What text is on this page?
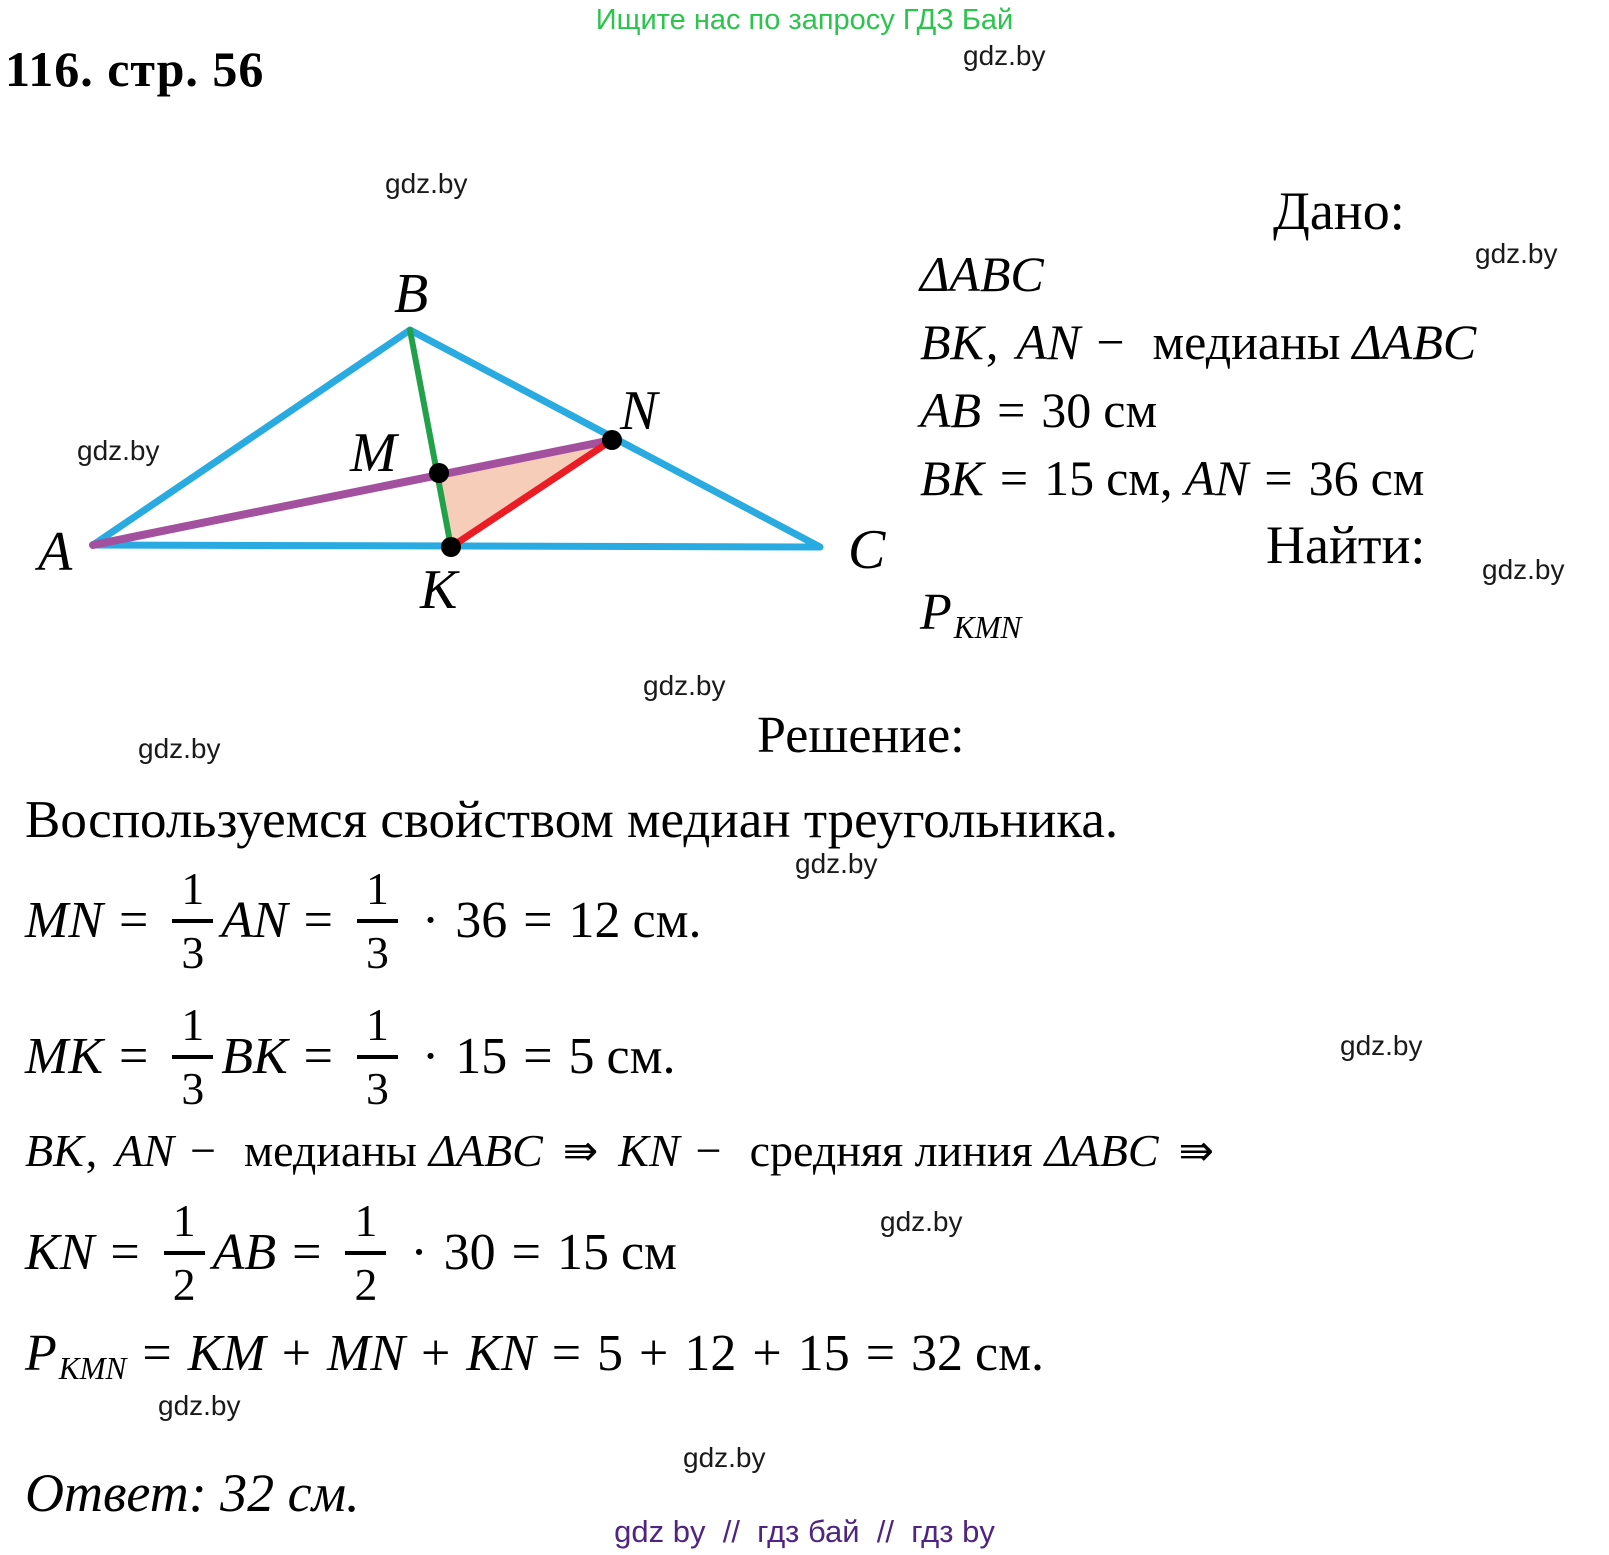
Ищите нас по запросу ГДЗ Бай
gdz.by
116. стр. 56
gdz.by
gdz.by
A
B
C
M
N
K
Дано:
gdz.by
ΔABC
BK , AN − медианы ΔABC
AB = 30 см
BK = 15 см, AN = 36 см
Найти: gdz.by
PKMN
gdz.by
Решение:
gdz.by
Воспользуемся свойством медиан треугольника.
gdz.by
MN = $\frac{1}{3}$ AN = $\frac{1}{3} \cdot 36 = 12$ см.
MK = $\frac{1}{3}$ BK = $\frac{1}{3} \cdot 15 = 5$ см.	gdz.by
BK , AN − медианы ΔABC ⇛ KN − средняя линия ΔABC ⇛
gdz.by
KN = $\frac{1}{2}$ AB = $\frac{1}{2} \cdot 30 = 15$ см
PKMN = KM + MN + KN = 5 + 12 + 15 = 32 см.
gdz.by
gdz.by
Ответ: 32 см.
gdz by  //  гдз бай  //  гдз by
